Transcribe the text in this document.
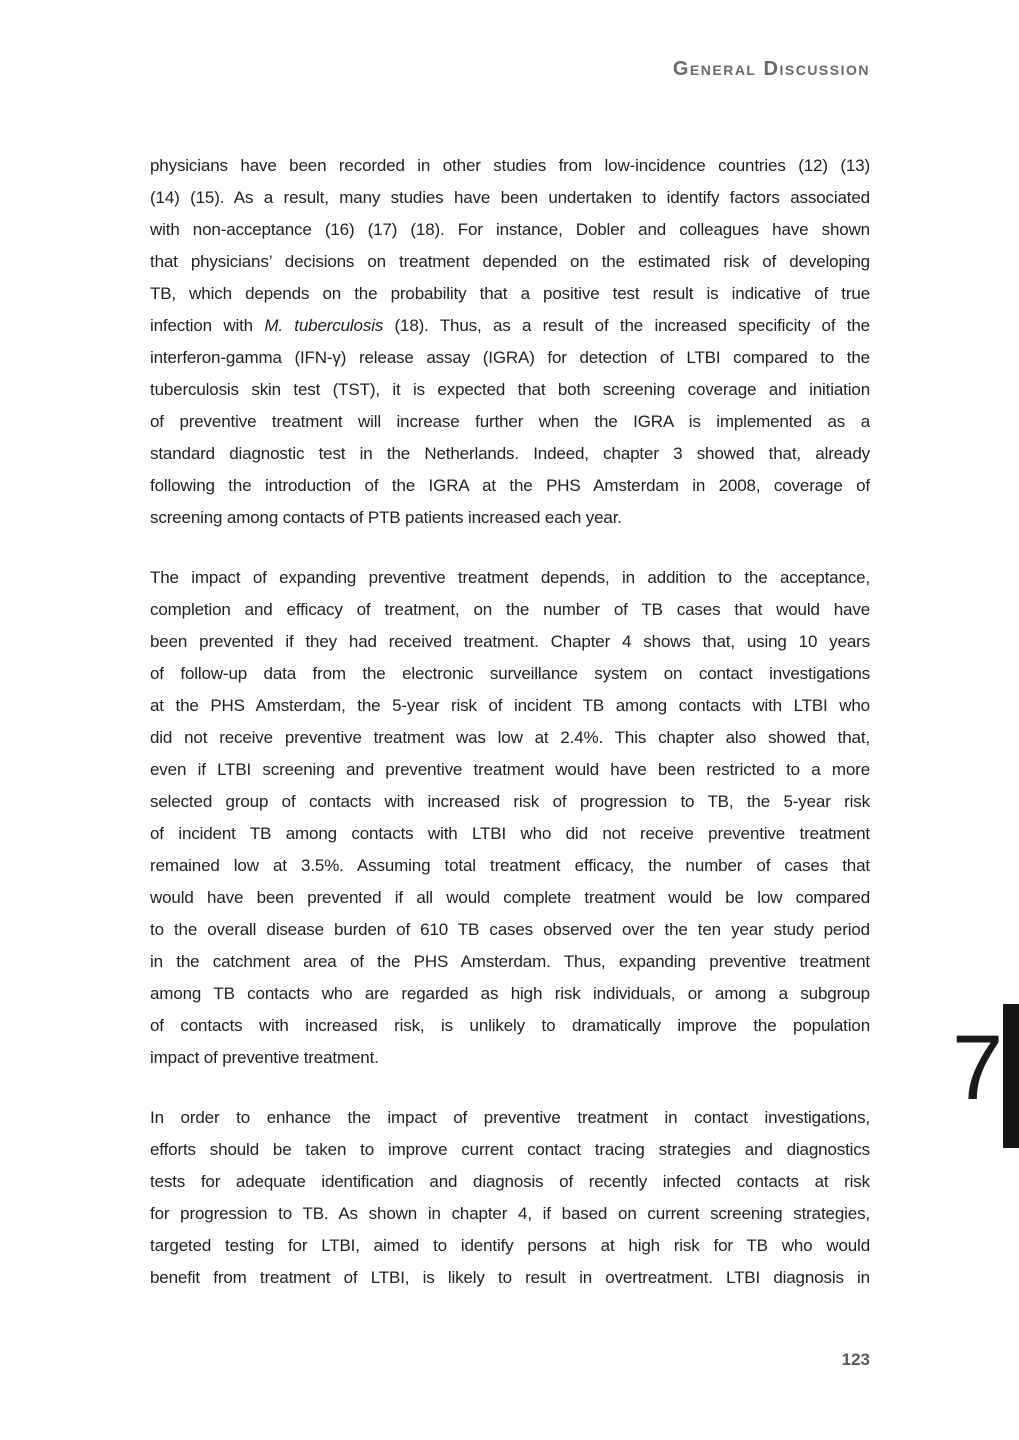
General Discussion
physicians have been recorded in other studies from low-incidence countries (12) (13)
(14) (15). As a result, many studies have been undertaken to identify factors associated
with non-acceptance (16) (17) (18). For instance, Dobler and colleagues have shown
that physicians’ decisions on treatment depended on the estimated risk of developing
TB, which depends on the probability that a positive test result is indicative of true
infection with M. tuberculosis (18). Thus, as a result of the increased specificity of the
interferon-gamma (IFN-γ) release assay (IGRA) for detection of LTBI compared to the
tuberculosis skin test (TST), it is expected that both screening coverage and initiation
of preventive treatment will increase further when the IGRA is implemented as a
standard diagnostic test in the Netherlands. Indeed, chapter 3 showed that, already
following the introduction of the IGRA at the PHS Amsterdam in 2008, coverage of
screening among contacts of PTB patients increased each year.
The impact of expanding preventive treatment depends, in addition to the acceptance,
completion and efficacy of treatment, on the number of TB cases that would have
been prevented if they had received treatment. Chapter 4 shows that, using 10 years
of follow-up data from the electronic surveillance system on contact investigations
at the PHS Amsterdam, the 5-year risk of incident TB among contacts with LTBI who
did not receive preventive treatment was low at 2.4%. This chapter also showed that,
even if LTBI screening and preventive treatment would have been restricted to a more
selected group of contacts with increased risk of progression to TB, the 5-year risk
of incident TB among contacts with LTBI who did not receive preventive treatment
remained low at 3.5%. Assuming total treatment efficacy, the number of cases that
would have been prevented if all would complete treatment would be low compared
to the overall disease burden of 610 TB cases observed over the ten year study period
in the catchment area of the PHS Amsterdam. Thus, expanding preventive treatment
among TB contacts who are regarded as high risk individuals, or among a subgroup
of contacts with increased risk, is unlikely to dramatically improve the population
impact of preventive treatment.
In order to enhance the impact of preventive treatment in contact investigations,
efforts should be taken to improve current contact tracing strategies and diagnostics
tests for adequate identification and diagnosis of recently infected contacts at risk
for progression to TB. As shown in chapter 4, if based on current screening strategies,
targeted testing for LTBI, aimed to identify persons at high risk for TB who would
benefit from treatment of LTBI, is likely to result in overtreatment. LTBI diagnosis in
7
123
